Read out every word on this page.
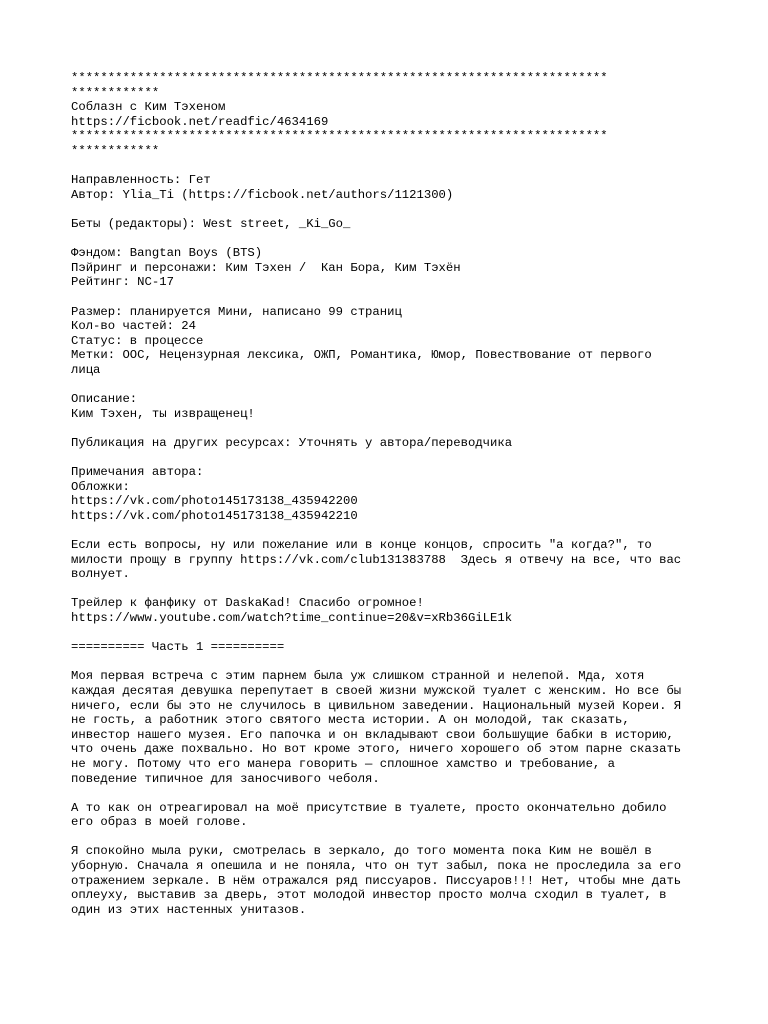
*************************************************************************
************
Соблазн с Ким Тэхеном
https://ficbook.net/readfic/4634169
*************************************************************************
************
Направленность: Гет
Автор: Ylia_Ti (https://ficbook.net/authors/1121300)
Беты (редакторы): West street, _Ki_Go_
Фэндом: Bangtan Boys (BTS)
Пэйринг и персонажи: Ким Тэхен /  Кан Бора, Ким Тэхён
Рейтинг: NC-17
Размер: планируется Мини, написано 99 страниц
Кол-во частей: 24
Статус: в процессе
Метки: OOC, Нецензурная лексика, ОЖП, Романтика, Юмор, Повествование от первого
лица
Описание:
Ким Тэхен, ты извращенец!
Публикация на других ресурсах: Уточнять у автора/переводчика
Примечания автора:
Обложки:
https://vk.com/photo145173138_435942200
https://vk.com/photo145173138_435942210
Если есть вопросы, ну или пожелание или в конце концов, спросить "а когда?", то
милости прощу в группу https://vk.com/club131383788  Здесь я отвечу на все, что вас
волнует.
Трейлер к фанфику от DaskaKad! Спасибо огромное!
https://www.youtube.com/watch?time_continue=20&v=xRb36GiLE1k
========== Часть 1 ==========
Моя первая встреча с этим парнем была уж слишком странной и нелепой. Мда, хотя
каждая десятая девушка перепутает в своей жизни мужской туалет с женским. Но все бы
ничего, если бы это не случилось в цивильном заведении. Национальный музей Кореи. Я
не гость, а работник этого святого места истории. А он молодой, так сказать,
инвестор нашего музея. Его папочка и он вкладывают свои большущие бабки в историю,
что очень даже похвально. Но вот кроме этого, ничего хорошего об этом парне сказать
не могу. Потому что его манера говорить — сплошное хамство и требование, а
поведение типичное для заносчивого чеболя.
А то как он отреагировал на моё присутствие в туалете, просто окончательно добило
его образ в моей голове.
Я спокойно мыла руки, смотрелась в зеркало, до того момента пока Ким не вошёл в
уборную. Сначала я опешила и не поняла, что он тут забыл, пока не проследила за его
отражением зеркале. В нём отражался ряд писсуаров. Писсуаров!!! Нет, чтобы мне дать
оплеуху, выставив за дверь, этот молодой инвестор просто молча сходил в туалет, в
один из этих настенных унитазов.
